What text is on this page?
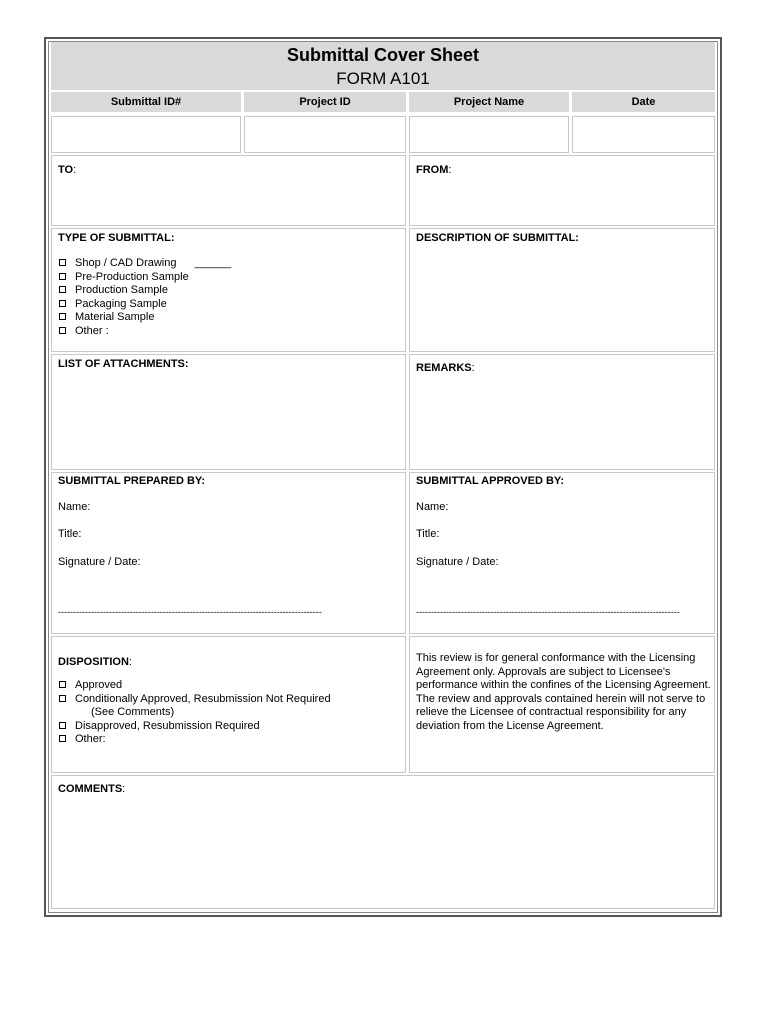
Submittal Cover Sheet
FORM A101
Submittal ID#	Project ID	Project Name	Date
TO:	FROM:
TYPE OF SUBMITTAL:
Shop / CAD Drawing ______
Pre-Production Sample
Production Sample
Packaging Sample
Material Sample
Other :
DESCRIPTION OF SUBMITTAL:
LIST OF ATTACHMENTS:	REMARKS:
SUBMITTAL PREPARED BY:
Name:
Title:
Signature / Date:
----------------------------------------------------------------------------------------
SUBMITTAL APPROVED BY:
Name:
Title:
Signature / Date:
----------------------------------------------------------------------------------------
DISPOSITION:
Approved
Conditionally Approved, Resubmission Not Required
(See Comments)
Disapproved, Resubmission Required
Other:
This review is for general conformance with the Licensing
Agreement only. Approvals are subject to Licensee's
performance within the confines of the Licensing Agreement.
The review and approvals contained herein will not serve to
relieve the Licensee of contractual responsibility for any
deviation from the License Agreement.
COMMENTS:
